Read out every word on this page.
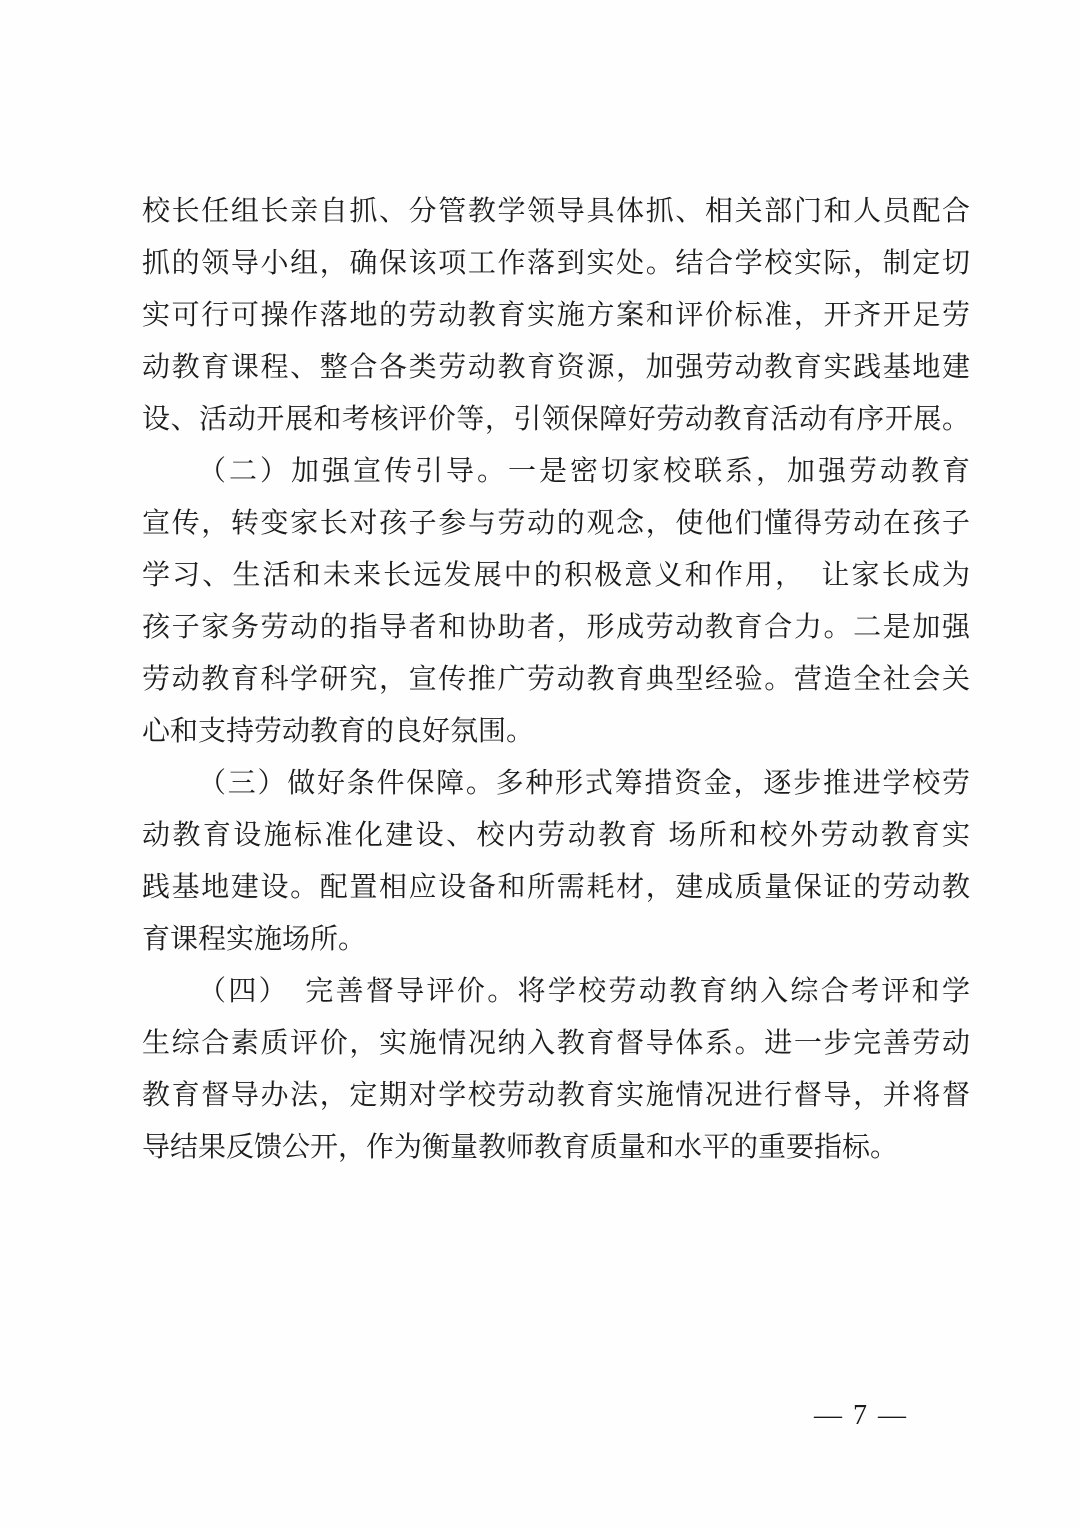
校长任组长亲自抓、分管教学领导具体抓、相关部门和人员配合
抓的领导小组，确保该项工作落到实处。结合学校实际，制定切
实可行可操作落地的劳动教育实施方案和评价标准，开齐开足劳
动教育课程、整合各类劳动教育资源，加强劳动教育实践基地建
设、活动开展和考核评价等，引领保障好劳动教育活动有序开展。
（二）加强宣传引导。一是密切家校联系，加强劳动教育
宣传，转变家长对孩子参与劳动的观念，使他们懂得劳动在孩子
学习、生活和未来长远发展中的积极意义和作用，　让家长成为
孩子家务劳动的指导者和协助者，形成劳动教育合力。二是加强
劳动教育科学研究，宣传推广劳动教育典型经验。营造全社会关
心和支持劳动教育的良好氛围。
（三）做好条件保障。多种形式筹措资金，逐步推进学校劳
动教育设施标准化建设、校内劳动教育 场所和校外劳动教育实
践基地建设。配置相应设备和所需耗材，建成质量保证的劳动教
育课程实施场所。
（四）　完善督导评价。将学校劳动教育纳入综合考评和学
生综合素质评价，实施情况纳入教育督导体系。进一步完善劳动
教育督导办法，定期对学校劳动教育实施情况进行督导，并将督
导结果反馈公开，作为衡量教师教育质量和水平的重要指标。
— 7 —
